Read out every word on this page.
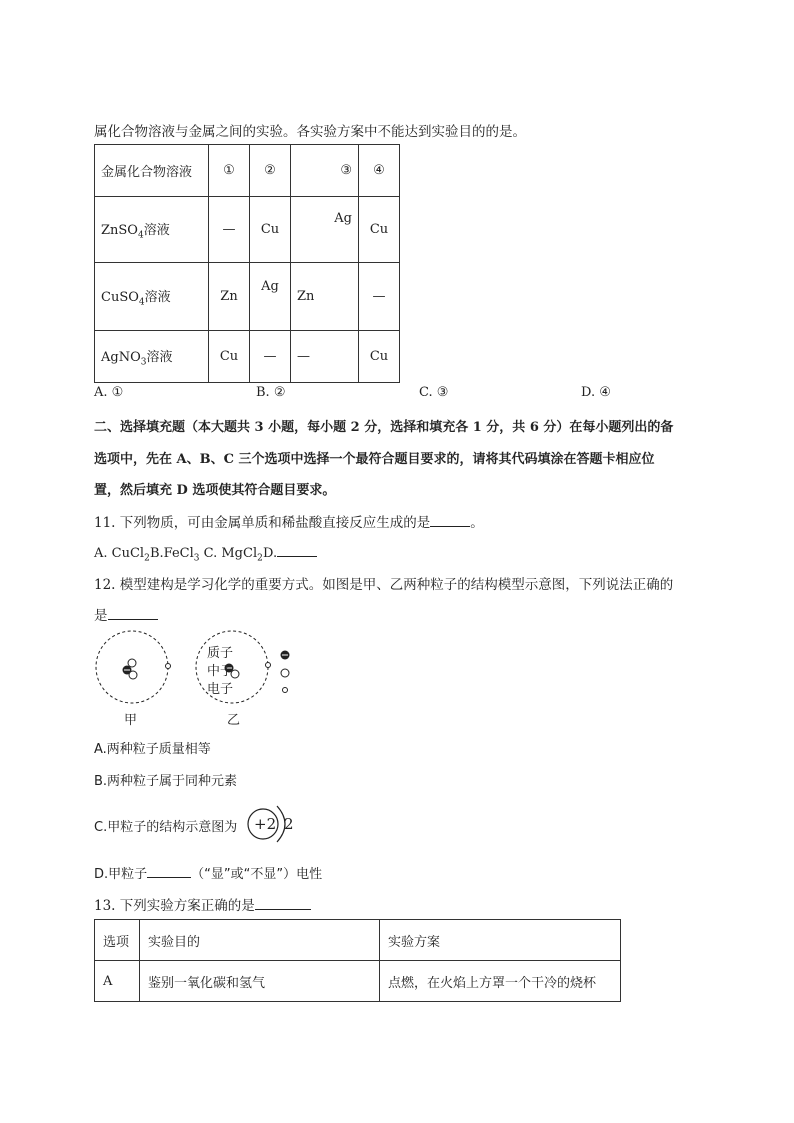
属化合物溶液与金属之间的实验。各实验方案中不能达到实验目的的是。
金属化合物溶液	①	②	③	④
ZnSO$_4$溶液	—	Cu	Ag	Cu
CuSO$_4$溶液	Zn	Ag	Zn	—
AgNO$_3$溶液	Cu	—	—	Cu
A. ①	B. ②	C. ③	D. ④
二、选择填充题（本大题共 3 小题，每小题 2 分，选择和填充各 1 分，共 6 分）在每小题列出的备
选项中，先在 A、B、C 三个选项中选择一个最符合题目要求的，请将其代码填涂在答题卡相应位
置，然后填充 D 选项使其符合题目要求。
11. 下列物质，可由金属单质和稀盐酸直接反应生成的是	。
A. CuCl$_2$ B.FeCl$_3$ C. MgCl$_2$ D.
12. 模型建构是学习化学的重要方式。如图是甲、乙两种粒子的结构模型示意图，下列说法正确的
是
质子
中子
电子
甲	乙
A.两种粒子质量相等
B.两种粒子属于同种元素
C.甲粒子的结构示意图为 +2 2
D.甲粒子	（“显”或“不显”）电性
13. 下列实验方案正确的是
选项	实验目的	实验方案
A	鉴别一氧化碳和氢气	点燃，在火焰上方罩一个干冷的烧杯
